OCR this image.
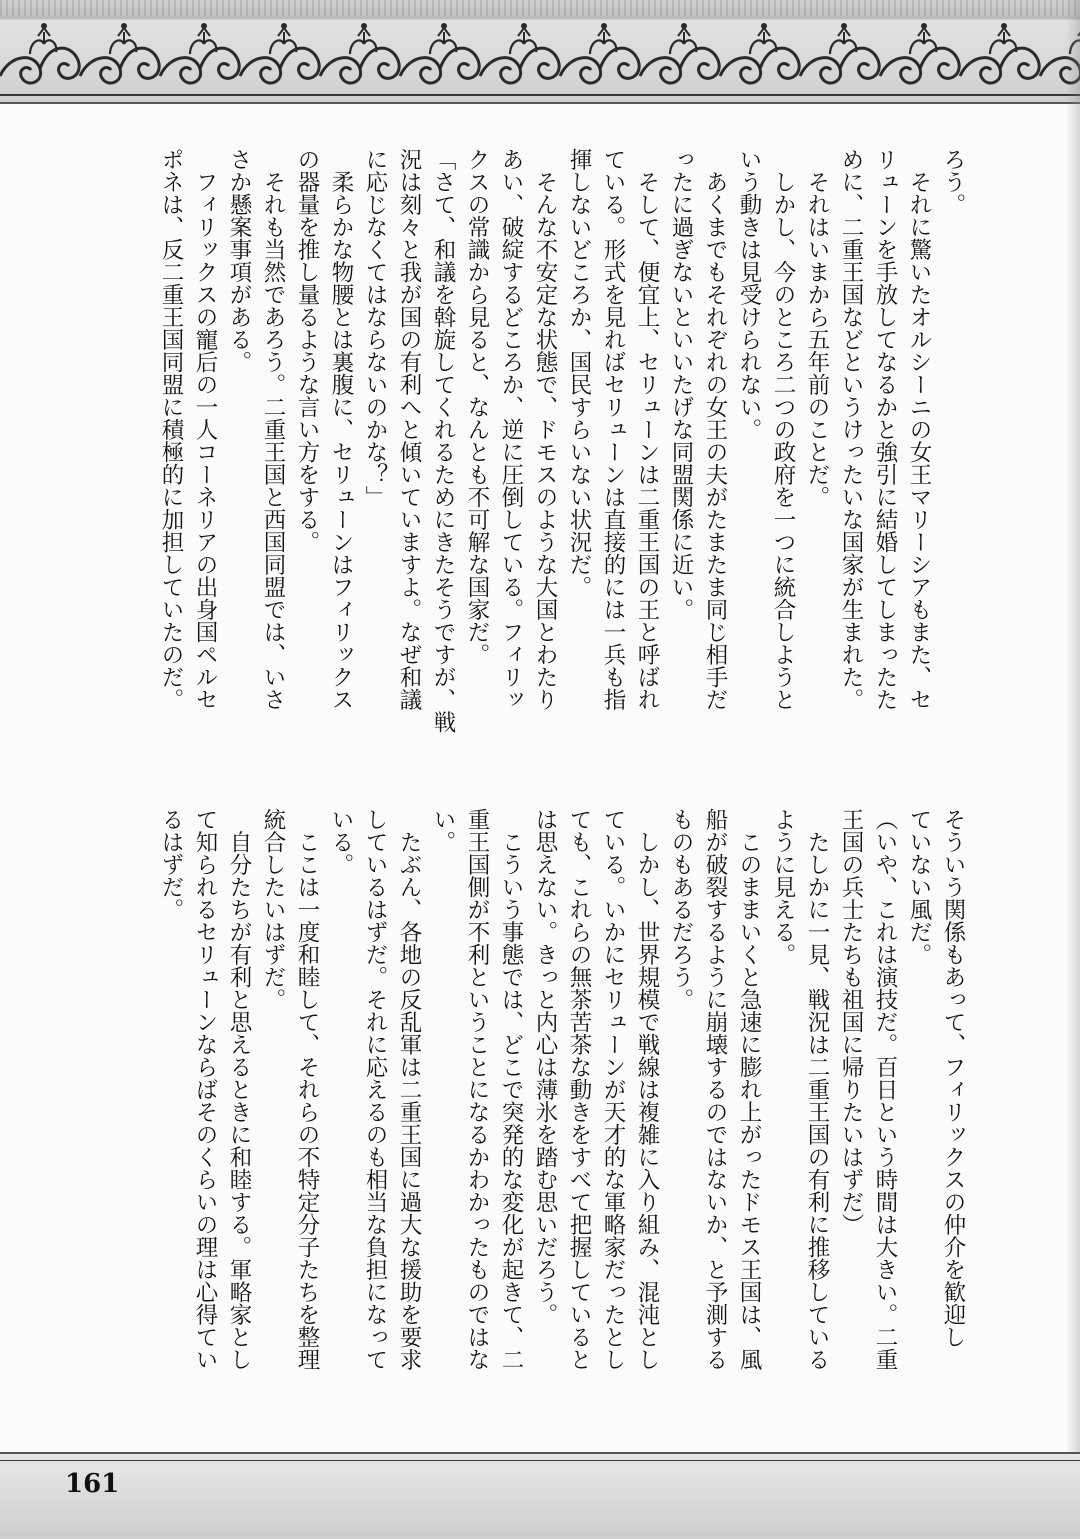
ろう。
　それに驚いたオルシーニの女王マリーシアもまた、セ
リューンを手放してなるかと強引に結婚してしまったた
めに、二重王国などというけったいな国家が生まれた。
　それはいまから五年前のことだ。
　しかし、今のところ二つの政府を一つに統合しようと
いう動きは見受けられない。
　あくまでもそれぞれの女王の夫がたまたま同じ相手だ
ったに過ぎないといいたげな同盟関係に近い。
　そして、便宜上、セリューンは二重王国の王と呼ばれ
ている。形式を見ればセリューンは直接的には一兵も指
揮しないどころか、国民すらいない状況だ。
　そんな不安定な状態で、ドモスのような大国とわたり
あい、破綻するどころか、逆に圧倒している。フィリッ
クスの常識から見ると、なんとも不可解な国家だ。
「さて、和議を斡旋してくれるためにきたそうですが、戦
況は刻々と我が国の有利へと傾いていますよ。なぜ和議
に応じなくてはならないのかな？」
　柔らかな物腰とは裏腹に、セリューンはフィリックス
の器量を推し量るような言い方をする。
　それも当然であろう。二重王国と西国同盟では、いさ
さか懸案事項がある。
　フィリックスの寵后の一人コーネリアの出身国ペルセ
ポネは、反二重王国同盟に積極的に加担していたのだ。
そういう関係もあって、フィリックスの仲介を歓迎し
ていない風だ。
（いや、これは演技だ。百日という時間は大きい。二重
王国の兵士たちも祖国に帰りたいはずだ）
　たしかに一見、戦況は二重王国の有利に推移している
ように見える。
　このままいくと急速に膨れ上がったドモス王国は、風
船が破裂するように崩壊するのではないか、と予測する
ものもあるだろう。
　しかし、世界規模で戦線は複雑に入り組み、混沌とし
ている。いかにセリューンが天才的な軍略家だったとし
ても、これらの無茶苦茶な動きをすべて把握していると
は思えない。きっと内心は薄氷を踏む思いだろう。
　こういう事態では、どこで突発的な変化が起きて、二
重王国側が不利ということになるかわかったものではな
い。
　たぶん、各地の反乱軍は二重王国に過大な援助を要求
しているはずだ。それに応えるのも相当な負担になって
いる。
　ここは一度和睦して、それらの不特定分子たちを整理
統合したいはずだ。
　自分たちが有利と思えるときに和睦する。軍略家とし
て知られるセリューンならばそのくらいの理は心得てい
るはずだ。
161
